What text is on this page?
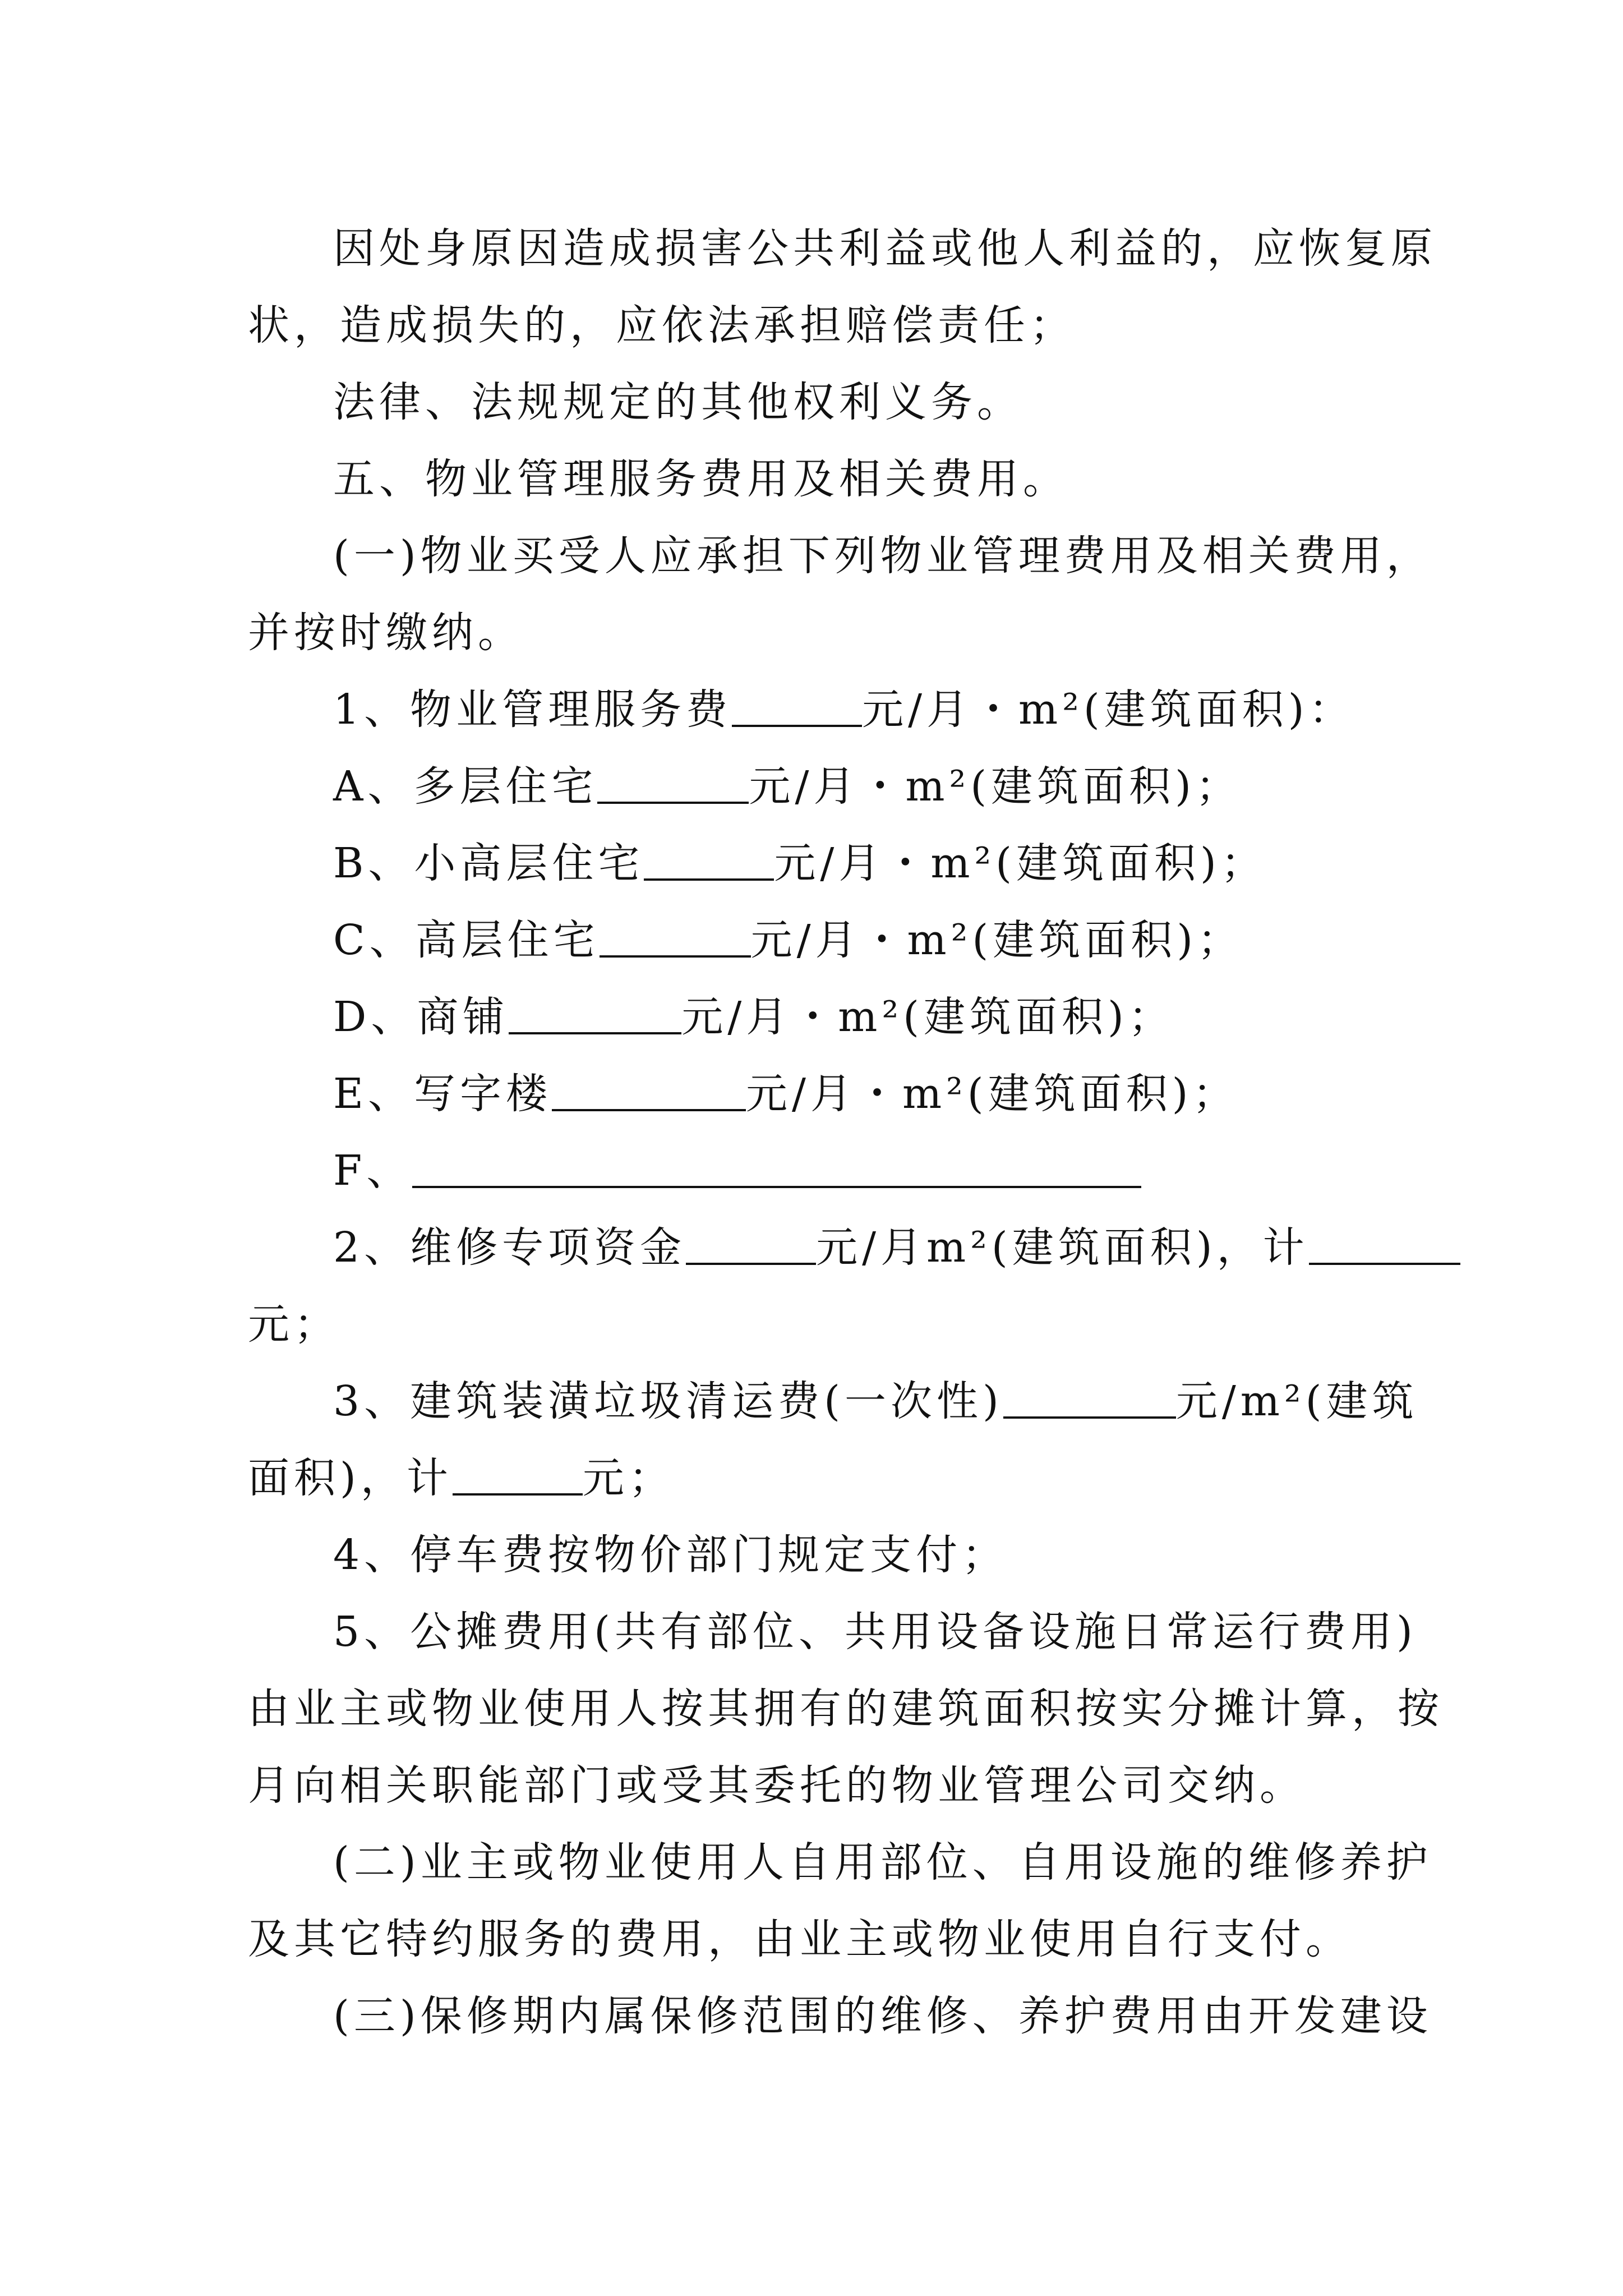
因处身原因造成损害公共利益或他人利益的，应恢复原
状，造成损失的，应依法承担赔偿责任；
法律、法规规定的其他权利义务。
五、物业管理服务费用及相关费用。
(一)物业买受人应承担下列物业管理费用及相关费用，
并按时缴纳。
1、物业管理服务费	元/月・m²(建筑面积)：
A、多层住宅	元/月・m²(建筑面积)；
B、小高层住宅	元/月・m²(建筑面积)；
C、高层住宅	元/月・m²(建筑面积)；
D、商铺	元/月・m²(建筑面积)；
E、写字楼	元/月・m²(建筑面积)；
F、
2、维修专项资金	元/月m²(建筑面积)，计
元；
3、建筑装潢垃圾清运费(一次性)	元/m²(建筑
面积)，计	元；
4、停车费按物价部门规定支付；
5、公摊费用(共有部位、共用设备设施日常运行费用)
由业主或物业使用人按其拥有的建筑面积按实分摊计算，按
月向相关职能部门或受其委托的物业管理公司交纳。
(二)业主或物业使用人自用部位、自用设施的维修养护
及其它特约服务的费用，由业主或物业使用自行支付。
(三)保修期内属保修范围的维修、养护费用由开发建设
